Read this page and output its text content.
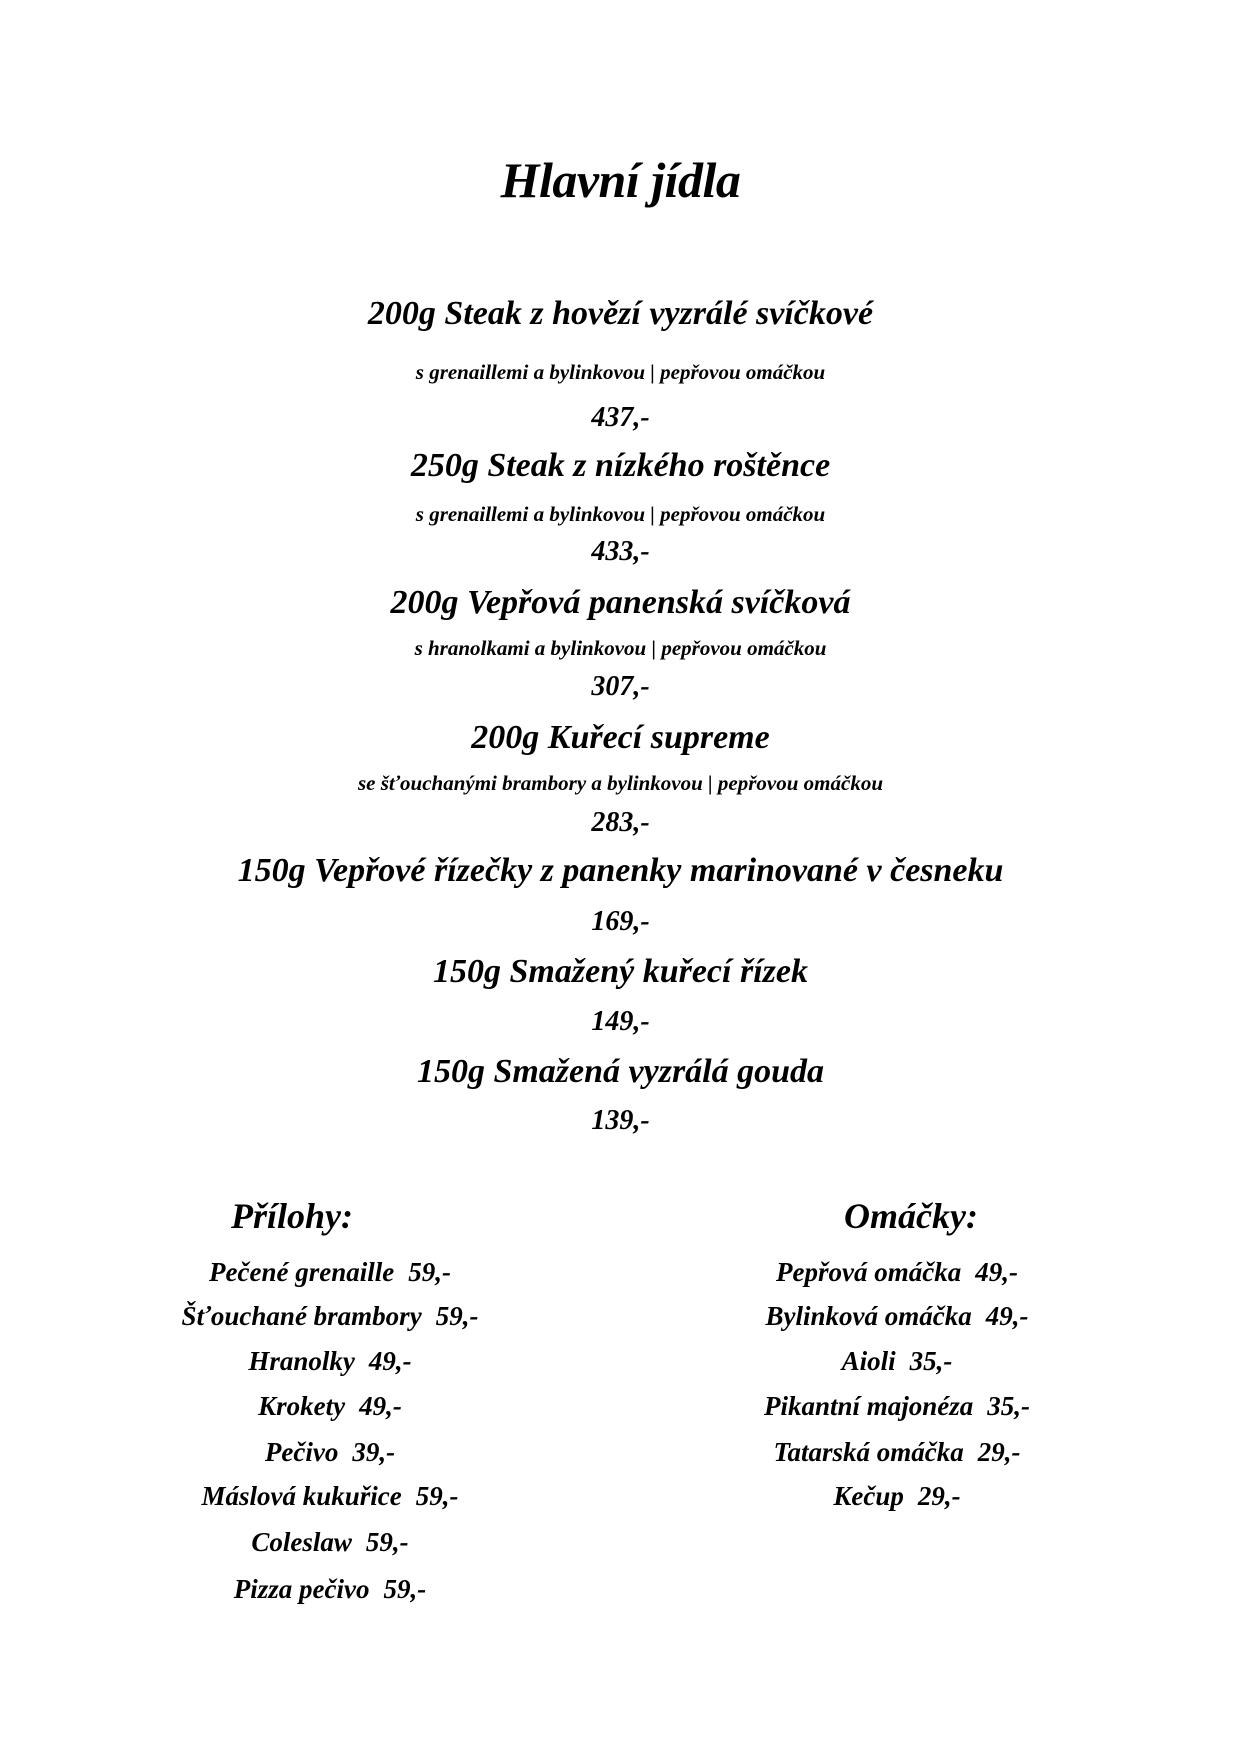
Hlavní jídla
200g Steak z hovězí vyzrálé svíčkové
s grenaillemi a bylinkovou | pepřovou omáčkou
437,-
250g Steak z nízkého roštěnce
s grenaillemi a bylinkovou | pepřovou omáčkou
433,-
200g Vepřová panenská svíčková
s hranolkami a bylinkovou | pepřovou omáčkou
307,-
200g Kuřecí supreme
se šťouchanými brambory a bylinkovou | pepřovou omáčkou
283,-
150g Vepřové řízečky z panenky marinované v česneku
169,-
150g Smažený kuřecí řízek
149,-
150g Smažená vyzrálá gouda
139,-
Přílohy:
Pečené grenaille 59,-
Šťouchané brambory 59,-
Hranolky 49,-
Krokety 49,-
Pečivo 39,-
Máslová kukuřice 59,-
Coleslaw 59,-
Pizza pečivo 59,-
Omáčky:
Pepřová omáčka 49,-
Bylinková omáčka 49,-
Aioli 35,-
Pikantní majonéza 35,-
Tatarská omáčka 29,-
Kečup 29,-
